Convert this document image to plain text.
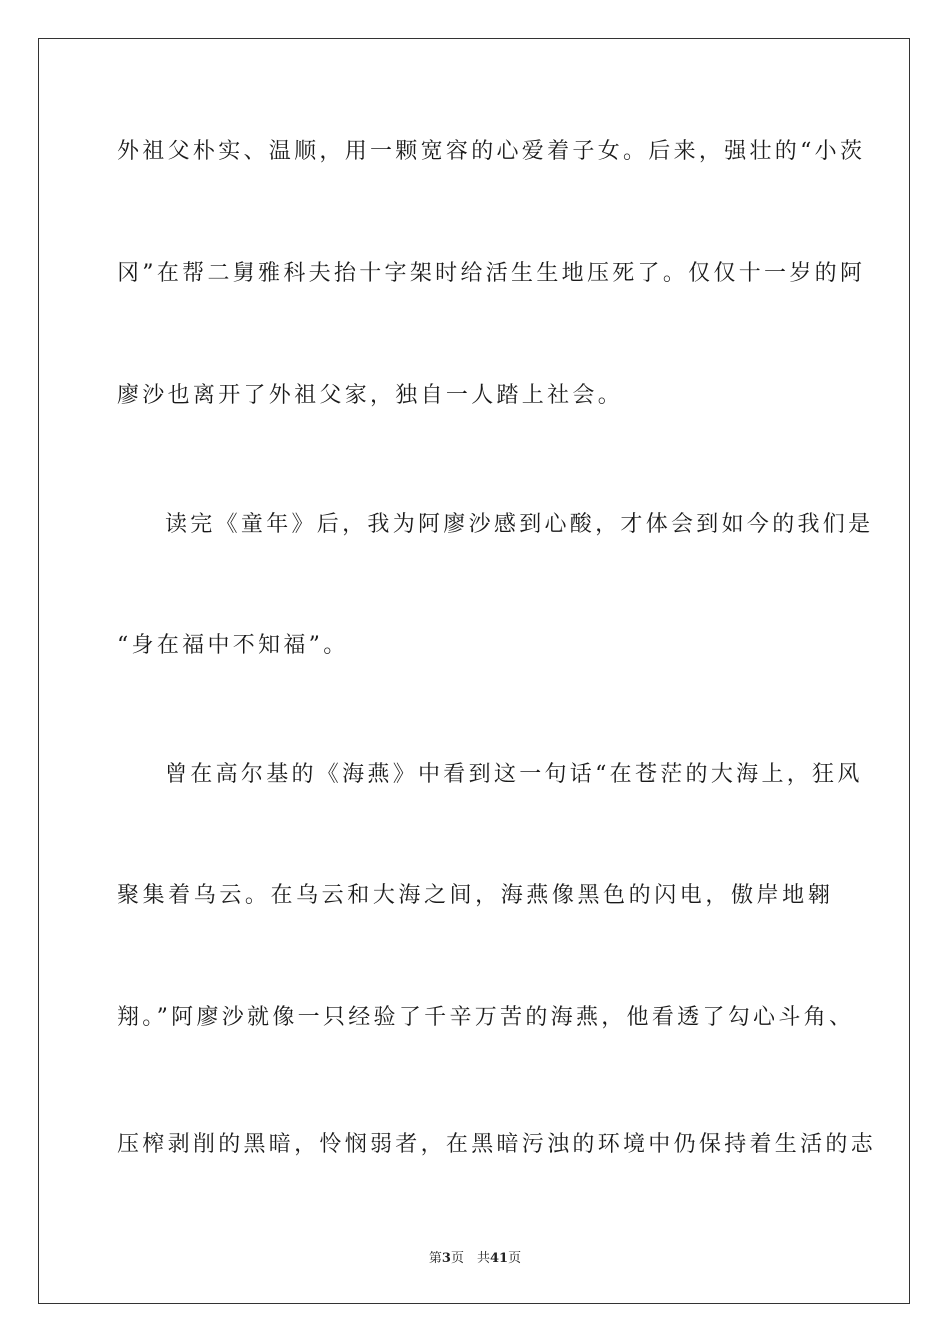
外祖父朴实、温顺，用一颗宽容的心爱着子女。后来，强壮的“小茨
冈”在帮二舅雅科夫抬十字架时给活生生地压死了。仅仅十一岁的阿
廖沙也离开了外祖父家，独自一人踏上社会。
读完《童年》后，我为阿廖沙感到心酸，才体会到如今的我们是
“身在福中不知福”。
曾在高尔基的《海燕》中看到这一句话“在苍茫的大海上，狂风
聚集着乌云。在乌云和大海之间，海燕像黑色的闪电，傲岸地翱
翔。”阿廖沙就像一只经验了千辛万苦的海燕，他看透了勾心斗角、
压榨剥削的黑暗，怜悯弱者，在黑暗污浊的环境中仍保持着生活的志
第3页　共41页
